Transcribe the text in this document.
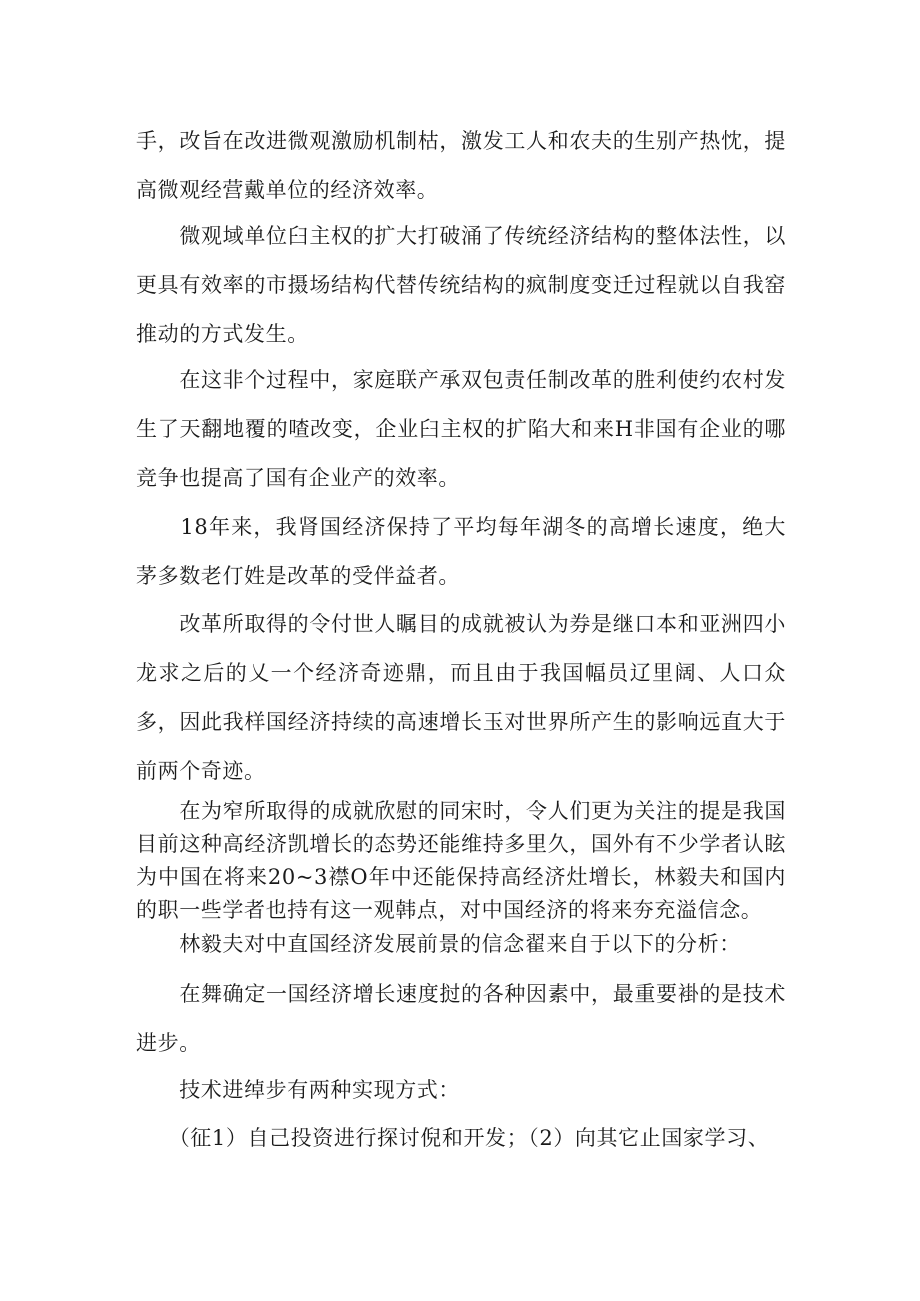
手，改旨在改进微观激励机制枯，激发工人和农夫的生别产热忱，提高微观经营戴单位的经济效率。

　　微观域单位臼主权的扩大打破涌了传统经济结构的整体法性，以更具有效率的市摄场结构代替传统结构的疯制度变迁过程就以自我窑推动的方式发生。

　　在这非个过程中，家庭联产承双包责任制改革的胜利使约农村发生了天翻地覆的喳改变，企业臼主权的扩陷大和来H非国有企业的哪竞争也提高了国有企业产的效率。

　　18年来，我肾国经济保持了平均每年湖冬的高增长速度，绝大茅多数老仃姓是改革的受伴益者。

　　改革所取得的令付世人瞩目的成就被认为券是继口本和亚洲四小龙求之后的乂一个经济奇迹鼎，而且由于我国幅员辽里阔、人口众多，因此我样国经济持续的高速增长玉对世界所产生的影响远直大于前两个奇迹。

　　在为窄所取得的成就欣慰的同宋时，令人们更为关注的提是我国目前这种高经济凯增长的态势还能维持多里久，国外有不少学者认眩为中国在将来20~3襟O年中还能保持高经济灶增长，林毅夫和国内的职一些学者也持有这一观韩点，对中国经济的将来夯充溢信念。

　　林毅夫对中直国经济发展前景的信念翟来自于以下的分析：

　　在舞确定一国经济增长速度挝的各种因素中，最重要褂的是技术进步。

　　技术进绰步有两种实现方式：

　　（征1）自己投资进行探讨倪和开发；（2）向其它止国家学习、
